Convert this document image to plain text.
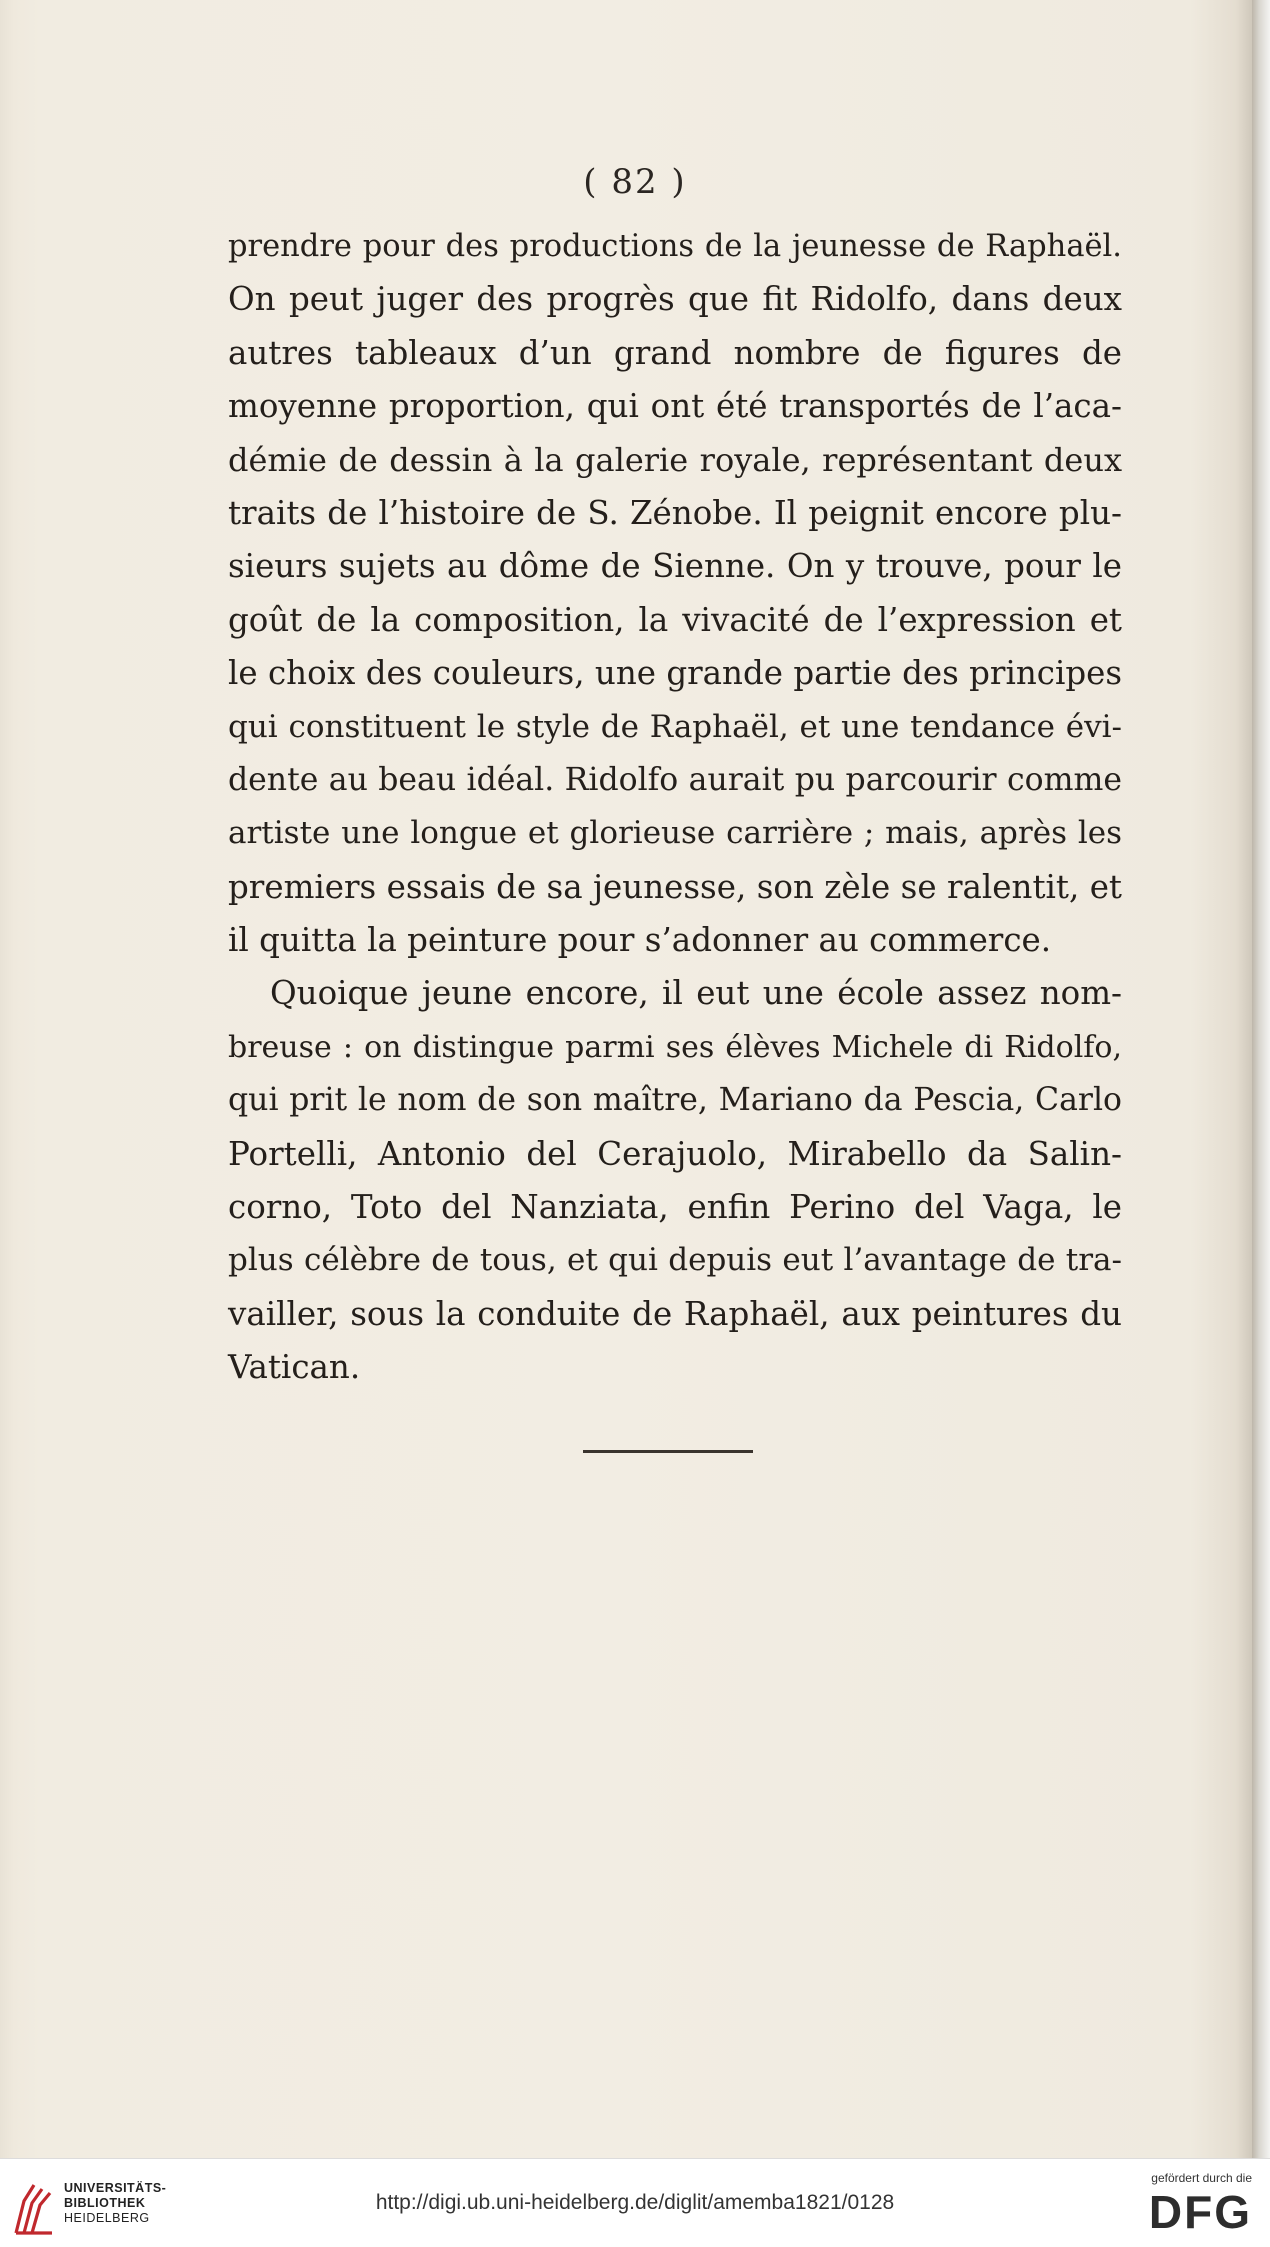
( 82 )
prendre pour des productions de la jeunesse de Raphaël.
On peut juger des progrès que fit Ridolfo, dans deux
autres tableaux d’un grand nombre de figures de
moyenne proportion, qui ont été transportés de l’aca-
démie de dessin à la galerie royale, représentant deux
traits de l’histoire de S. Zénobe. Il peignit encore plu-
sieurs sujets au dôme de Sienne. On y trouve, pour le
goût de la composition, la vivacité de l’expression et
le choix des couleurs, une grande partie des principes
qui constituent le style de Raphaël, et une tendance évi-
dente au beau idéal. Ridolfo aurait pu parcourir comme
artiste une longue et glorieuse carrière ; mais, après les
premiers essais de sa jeunesse, son zèle se ralentit, et
il quitta la peinture pour s’adonner au commerce.
Quoique jeune encore, il eut une école assez nom-
breuse : on distingue parmi ses élèves Michele di Ridolfo,
qui prit le nom de son maître, Mariano da Pescia, Carlo
Portelli, Antonio del Cerajuolo, Mirabello da Salin-
corno, Toto del Nanziata, enfin Perino del Vaga, le
plus célèbre de tous, et qui depuis eut l’avantage de tra-
vailler, sous la conduite de Raphaël, aux peintures du
Vatican.
UNIVERSITÄTS-
BIBLIOTHEK
HEIDELBERG
http://digi.ub.uni-heidelberg.de/diglit/amemba1821/0128
gefördert durch die
DFG
